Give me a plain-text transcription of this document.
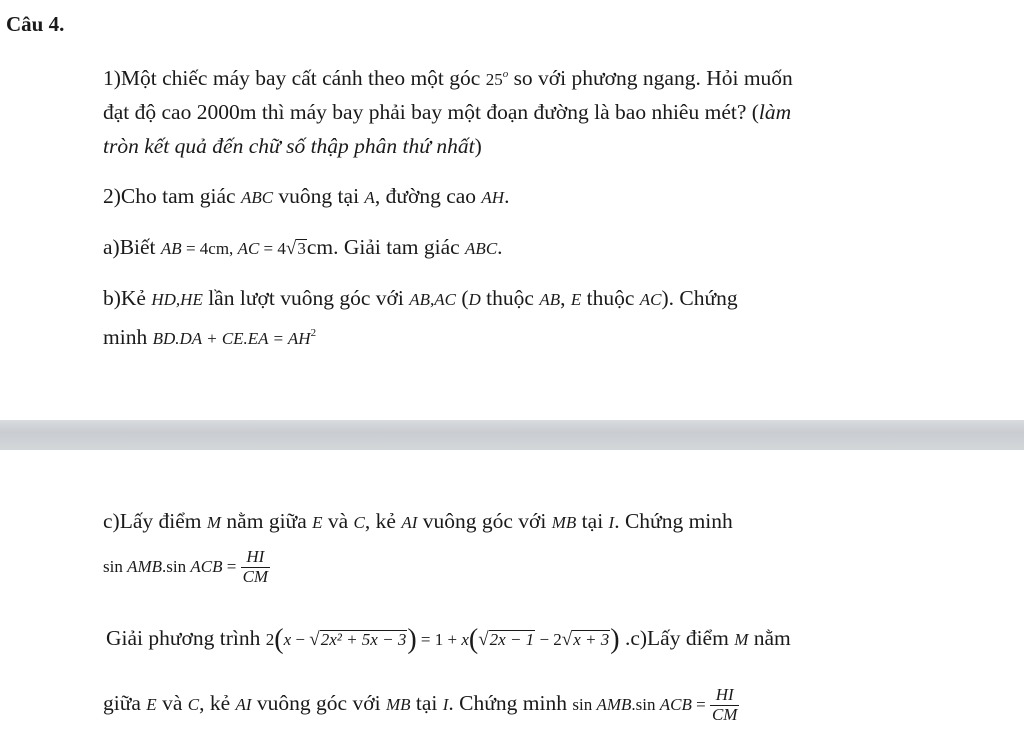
Câu 4.
1)Một chiếc máy bay cất cánh theo một góc 25$^o$ so với phương ngang. Hỏi muốn
đạt độ cao 2000m thì máy bay phải bay một đoạn đường là bao nhiêu mét? (làm
tròn kết quả đến chữ số thập phân thứ nhất)
2)Cho tam giác ABC vuông tại A, đường cao AH.
a)Biết AB = 4cm, AC = 4√3cm. Giải tam giác ABC.
b)Kẻ HD,HE lần lượt vuông góc với AB,AC (D thuộc AB, E thuộc AC). Chứng
minh $BD.DA + CE.EA = AH^2$
c)Lấy điểm M nằm giữa E và C, kẻ AI vuông góc với MB tại I. Chứng minh
sin AMB.sin ACB = $\frac{HI}{CM}$
Giải phương trình 2(x − √2x² + 5x − 3) = 1 + x(√2x − 1 − 2√x + 3) .c)Lấy điểm M nằm
giữa E và C, kẻ AI vuông góc với MB tại I. Chứng minh sin AMB.sin ACB = $\frac{HI}{CM}$
